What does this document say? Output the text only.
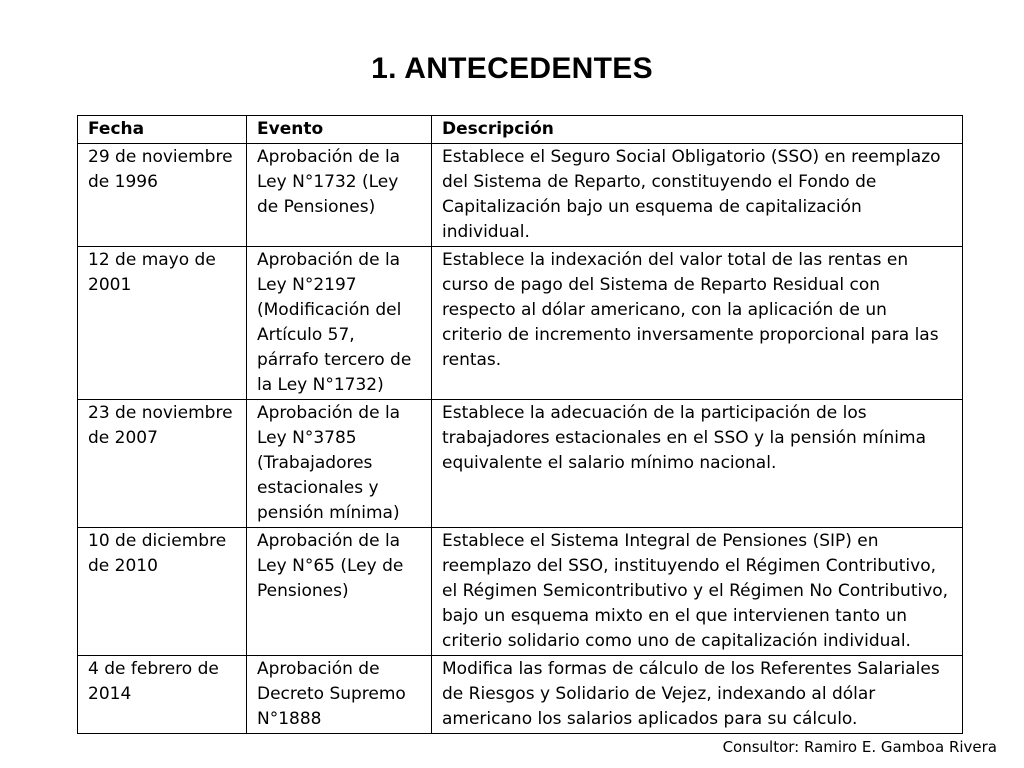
1. ANTECEDENTES
Fecha	Evento	Descripción
29 de noviembre de 1996	Aprobación de la Ley N°1732 (Ley de Pensiones)	Establece el Seguro Social Obligatorio (SSO) en reemplazo del Sistema de Reparto, constituyendo el Fondo de Capitalización bajo un esquema de capitalización individual.
12 de mayo de 2001	Aprobación de la Ley N°2197 (Modificación del Artículo 57, párrafo tercero de la Ley N°1732)	Establece la indexación del valor total de las rentas en curso de pago del Sistema de Reparto Residual con respecto al dólar americano, con la aplicación de un criterio de incremento inversamente proporcional para las rentas.
23 de noviembre de 2007	Aprobación de la Ley N°3785 (Trabajadores estacionales y pensión mínima)	Establece la adecuación de la participación de los trabajadores estacionales en el SSO y la pensión mínima equivalente el salario mínimo nacional.
10 de diciembre de 2010	Aprobación de la Ley N°65 (Ley de Pensiones)	Establece el Sistema Integral de Pensiones (SIP) en reemplazo del SSO, instituyendo el Régimen Contributivo, el Régimen Semicontributivo y el Régimen No Contributivo, bajo un esquema mixto en el que intervienen tanto un criterio solidario como uno de capitalización individual.
4 de febrero de 2014	Aprobación de Decreto Supremo N°1888	Modifica las formas de cálculo de los Referentes Salariales de Riesgos y Solidario de Vejez, indexando al dólar americano los salarios aplicados para su cálculo.
Consultor: Ramiro E. Gamboa Rivera
